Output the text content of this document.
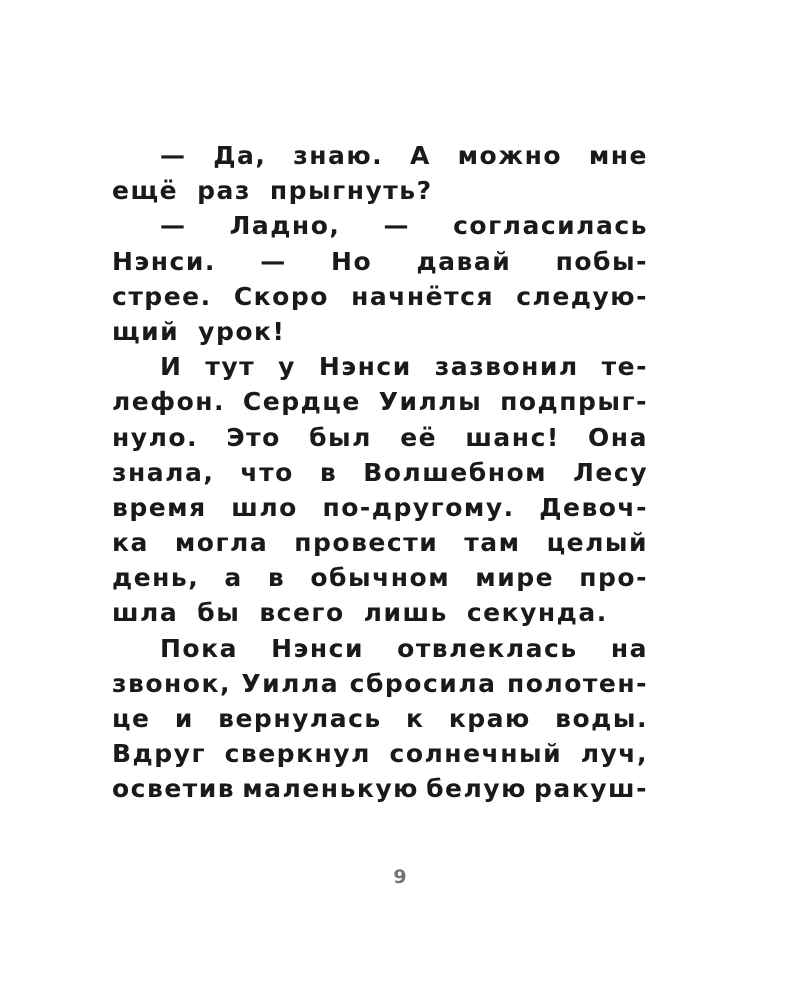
— Да, знаю. А можно мне
ещё раз прыгнуть?
— Ладно, — согласилась
Нэнси. — Но давай побы-
стрее. Скоро начнётся следую-
щий урок!
И тут у Нэнси зазвонил те-
лефон. Сердце Уиллы подпрыг-
нуло. Это был её шанс! Она
знала, что в Волшебном Лесу
время шло по-другому. Девоч-
ка могла провести там целый
день, а в обычном мире про-
шла бы всего лишь секунда.
Пока Нэнси отвлеклась на
звонок, Уилла сбросила полотен-
це и вернулась к краю воды.
Вдруг сверкнул солнечный луч,
осветив маленькую белую ракуш-
9
